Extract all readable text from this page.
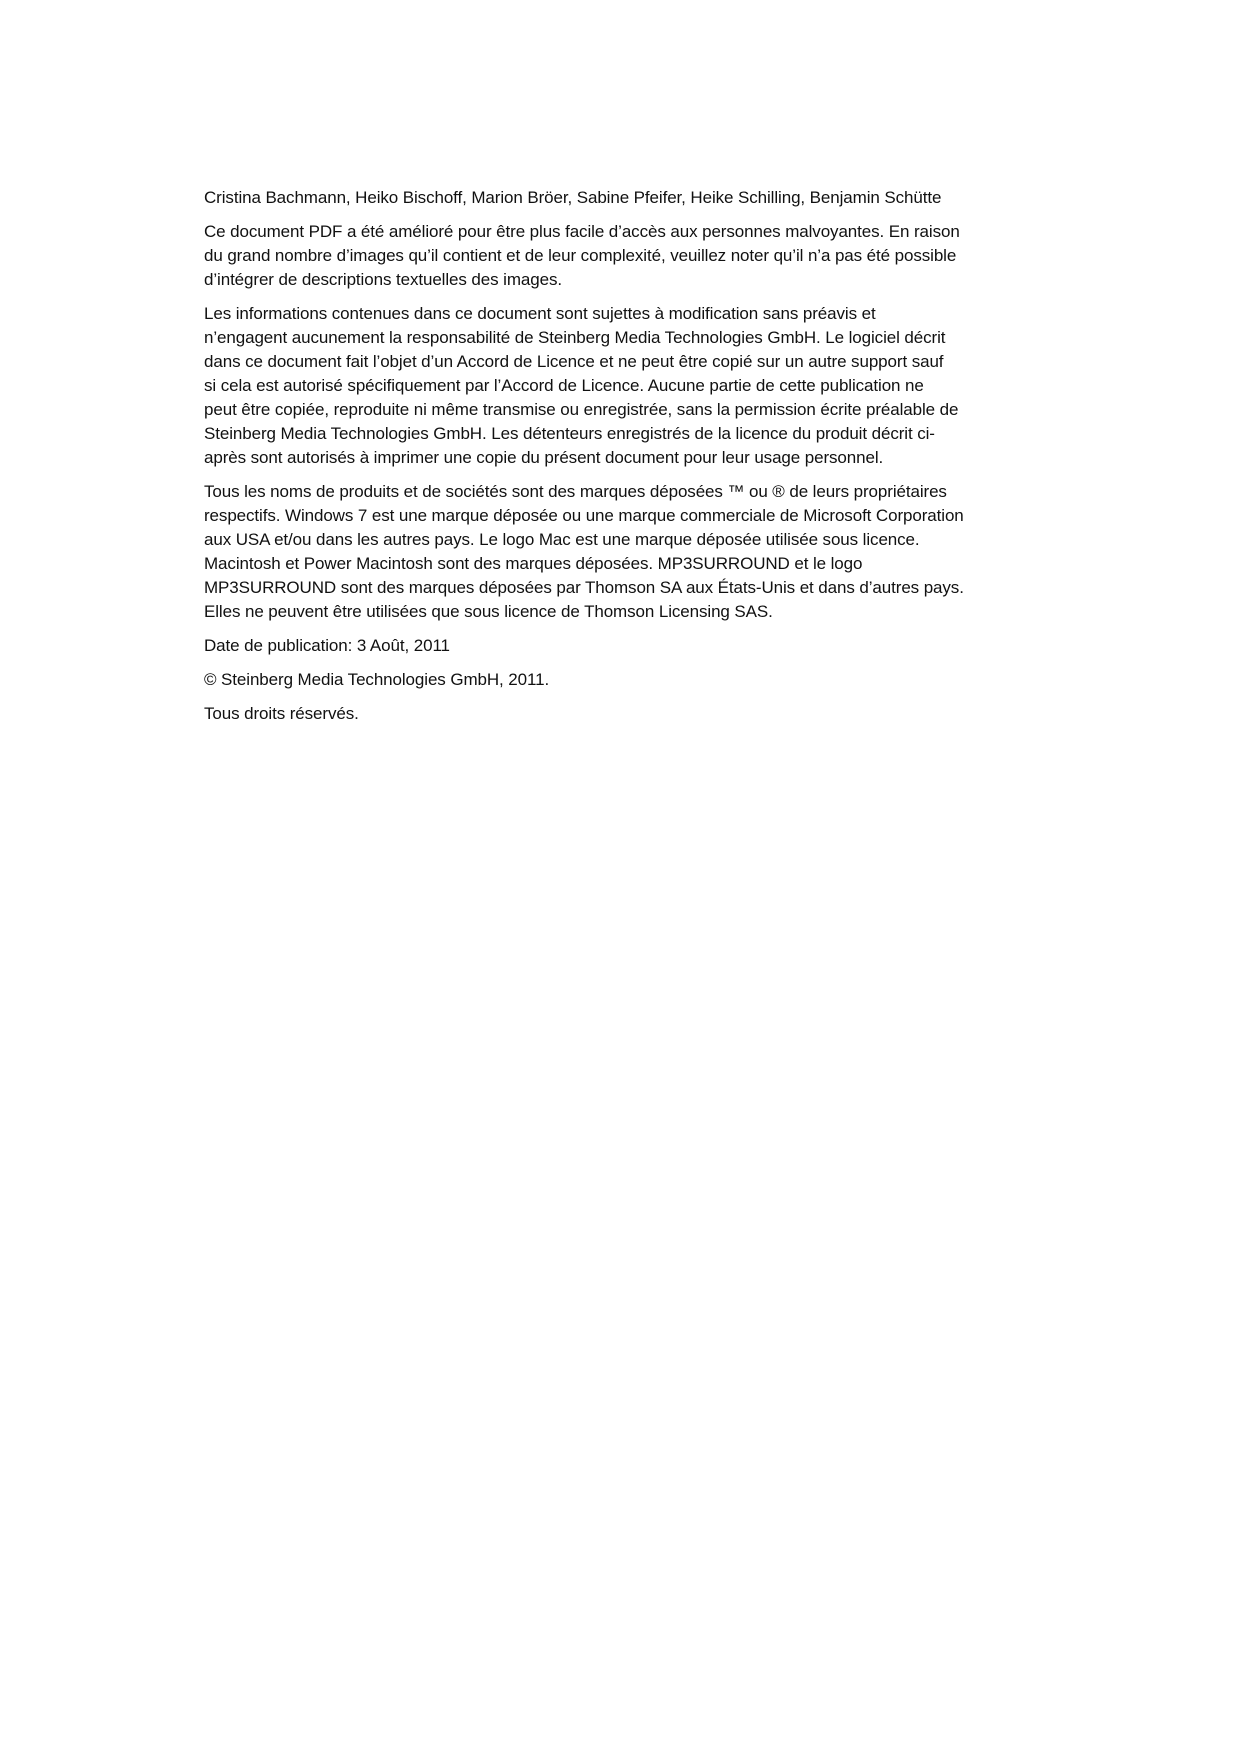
Cristina Bachmann, Heiko Bischoff, Marion Bröer, Sabine Pfeifer, Heike Schilling, Benjamin Schütte

Ce document PDF a été amélioré pour être plus facile d’accès aux personnes malvoyantes. En raison
du grand nombre d’images qu’il contient et de leur complexité, veuillez noter qu’il n’a pas été possible
d’intégrer de descriptions textuelles des images.

Les informations contenues dans ce document sont sujettes à modification sans préavis et
n’engagent aucunement la responsabilité de Steinberg Media Technologies GmbH. Le logiciel décrit
dans ce document fait l’objet d’un Accord de Licence et ne peut être copié sur un autre support sauf
si cela est autorisé spécifiquement par l’Accord de Licence. Aucune partie de cette publication ne
peut être copiée, reproduite ni même transmise ou enregistrée, sans la permission écrite préalable de
Steinberg Media Technologies GmbH. Les détenteurs enregistrés de la licence du produit décrit ci-
après sont autorisés à imprimer une copie du présent document pour leur usage personnel.

Tous les noms de produits et de sociétés sont des marques déposées ™ ou ® de leurs propriétaires
respectifs. Windows 7 est une marque déposée ou une marque commerciale de Microsoft Corporation
aux USA et/ou dans les autres pays. Le logo Mac est une marque déposée utilisée sous licence.
Macintosh et Power Macintosh sont des marques déposées. MP3SURROUND et le logo
MP3SURROUND sont des marques déposées par Thomson SA aux États-Unis et dans d’autres pays.
Elles ne peuvent être utilisées que sous licence de Thomson Licensing SAS.

Date de publication: 3 Août, 2011

© Steinberg Media Technologies GmbH, 2011.

Tous droits réservés.
